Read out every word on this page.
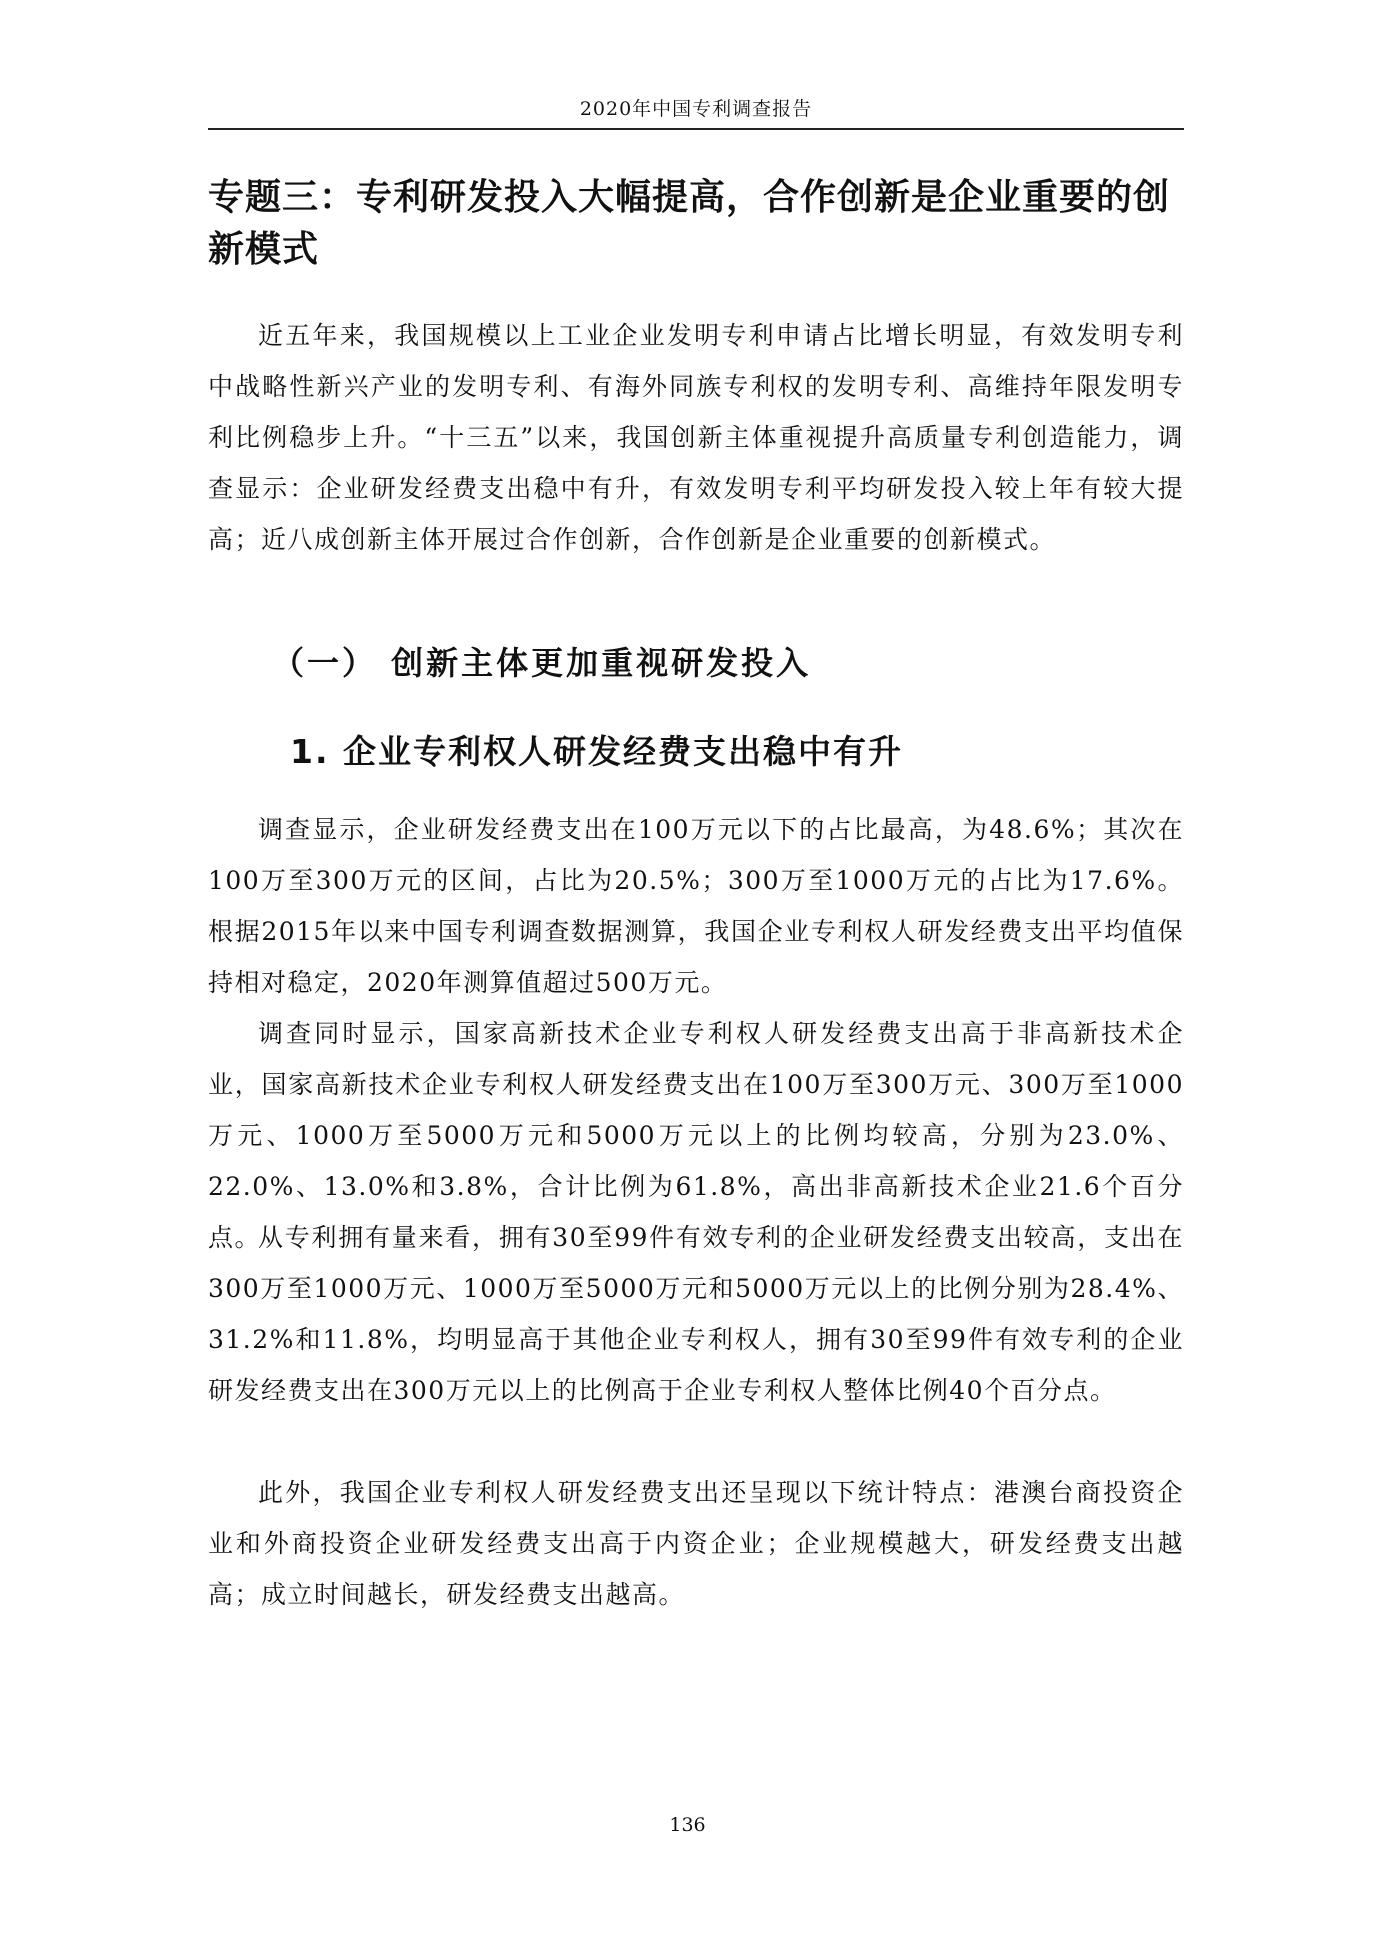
2020年中国专利调查报告
专题三：专利研发投入大幅提高，合作创新是企业重要的创新模式

近五年来，我国规模以上工业企业发明专利申请占比增长明显，有效发明专利中战略性新兴产业的发明专利、有海外同族专利权的发明专利、高维持年限发明专利比例稳步上升。“十三五”以来，我国创新主体重视提升高质量专利创造能力，调查显示：企业研发经费支出稳中有升，有效发明专利平均研发投入较上年有较大提高；近八成创新主体开展过合作创新，合作创新是企业重要的创新模式。

（一） 创新主体更加重视研发投入
1. 企业专利权人研发经费支出稳中有升

调查显示，企业研发经费支出在100万元以下的占比最高，为48.6%；其次在100万至300万元的区间，占比为20.5%；300万至1000万元的占比为17.6%。根据2015年以来中国专利调查数据测算，我国企业专利权人研发经费支出平均值保持相对稳定，2020年测算值超过500万元。

调查同时显示，国家高新技术企业专利权人研发经费支出高于非高新技术企业，国家高新技术企业专利权人研发经费支出在100万至300万元、300万至1000万元、1000万至5000万元和5000万元以上的比例均较高，分别为23.0%、22.0%、13.0%和3.8%，合计比例为61.8%，高出非高新技术企业21.6个百分点。

从专利拥有量来看，拥有30至99件有效专利的企业研发经费支出较高，支出在300万至1000万元、1000万至5000万元和5000万元以上的比例分别为28.4%、31.2%和11.8%，均明显高于其他企业专利权人，拥有30至99件有效专利的企业研发经费支出在300万元以上的比例高于企业专利权人整体比例40个百分点。

此外，我国企业专利权人研发经费支出还呈现以下统计特点：港澳台商投资企业和外商投资企业研发经费支出高于内资企业；企业规模越大，研发经费支出越高；成立时间越长，研发经费支出越高。

136
